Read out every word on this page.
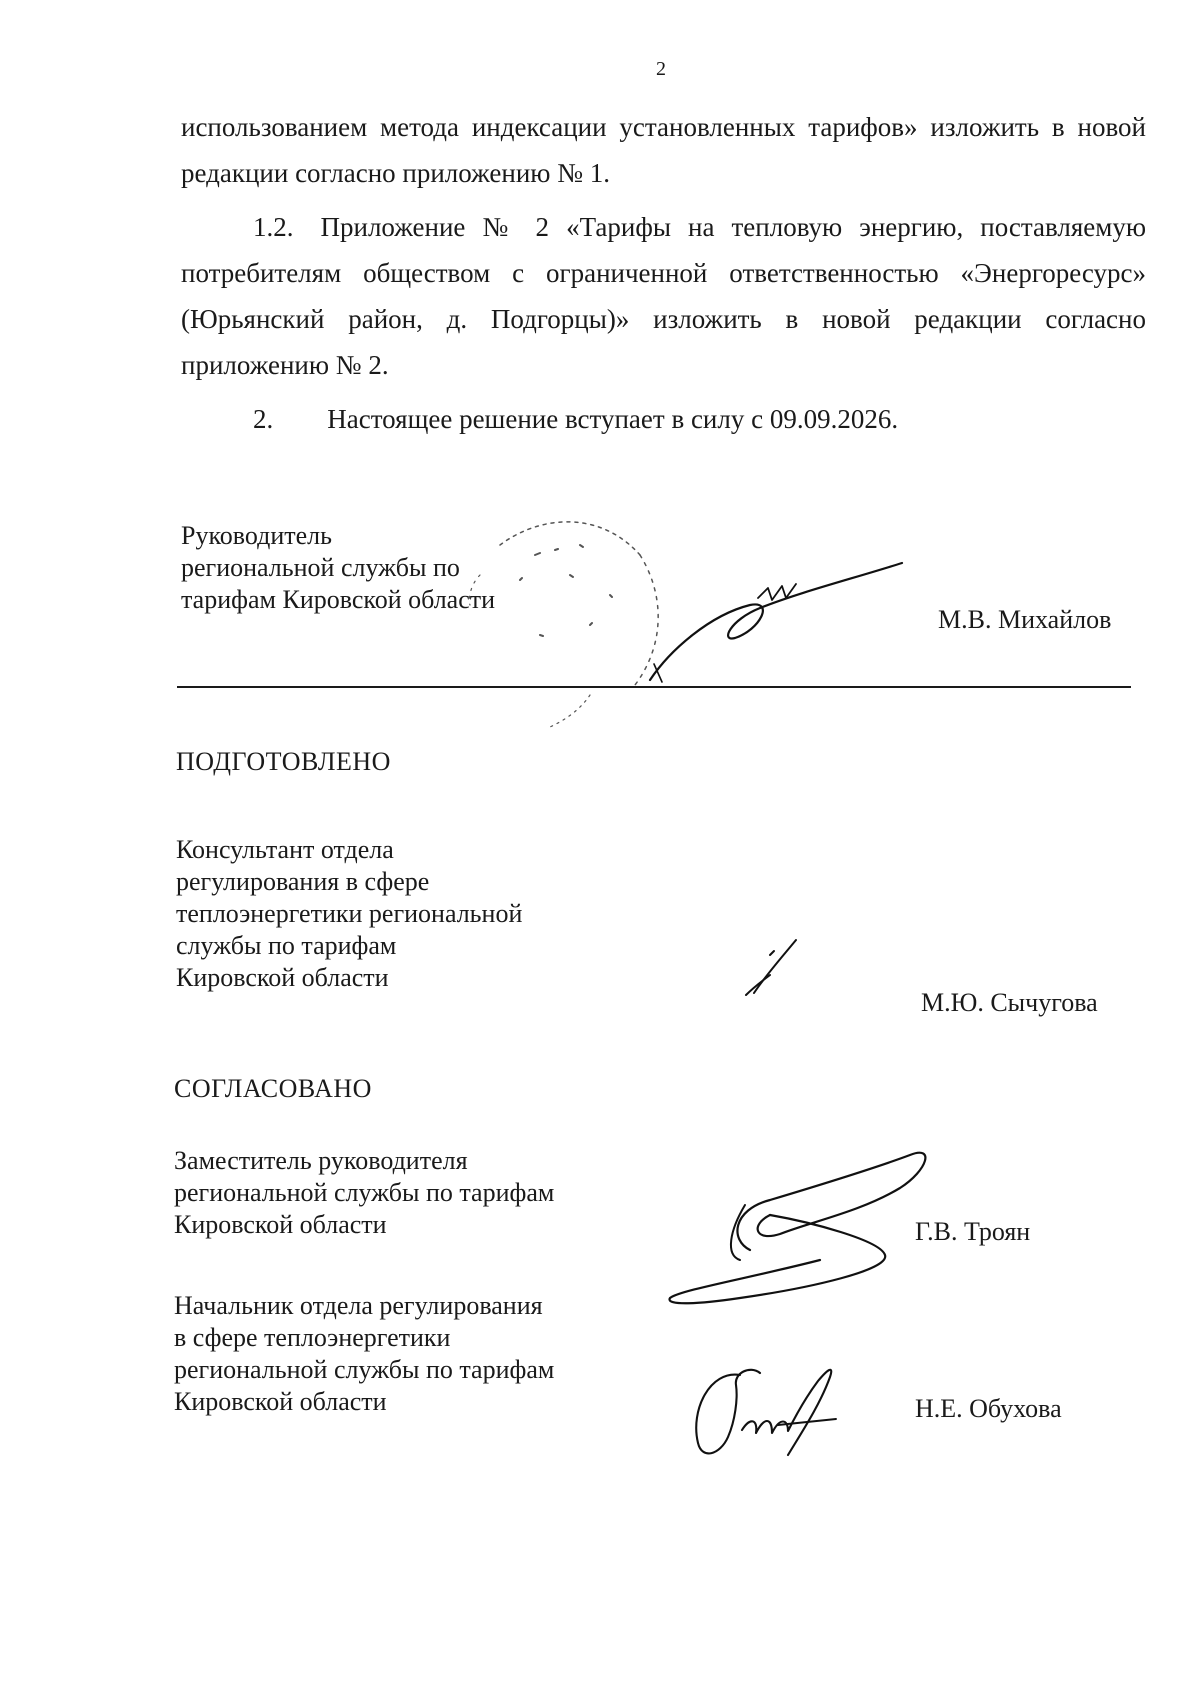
2

использованием метода индексации установленных тарифов» изложить в новой редакции согласно приложению № 1.

1.2. Приложение № 2 «Тарифы на тепловую энергию, поставляемую потребителям обществом с ограниченной ответственностью «Энергоресурс» (Юрьянский район, д. Подгорцы)» изложить в новой редакции согласно приложению № 2.

2.  Настоящее решение вступает в силу с 09.09.2026.

Руководитель
региональной службы по
тарифам Кировской области
М.В. Михайлов
ПОДГОТОВЛЕНО
Консультант отдела
регулирования в сфере
теплоэнергетики региональной
службы по тарифам
Кировской области
М.Ю. Сычугова
СОГЛАСОВАНО
Заместитель руководителя
региональной службы по тарифам
Кировской области	Г.В. Троян
Начальник отдела регулирования
в сфере теплоэнергетики
региональной службы по тарифам
Кировской области	Н.Е. Обухова
